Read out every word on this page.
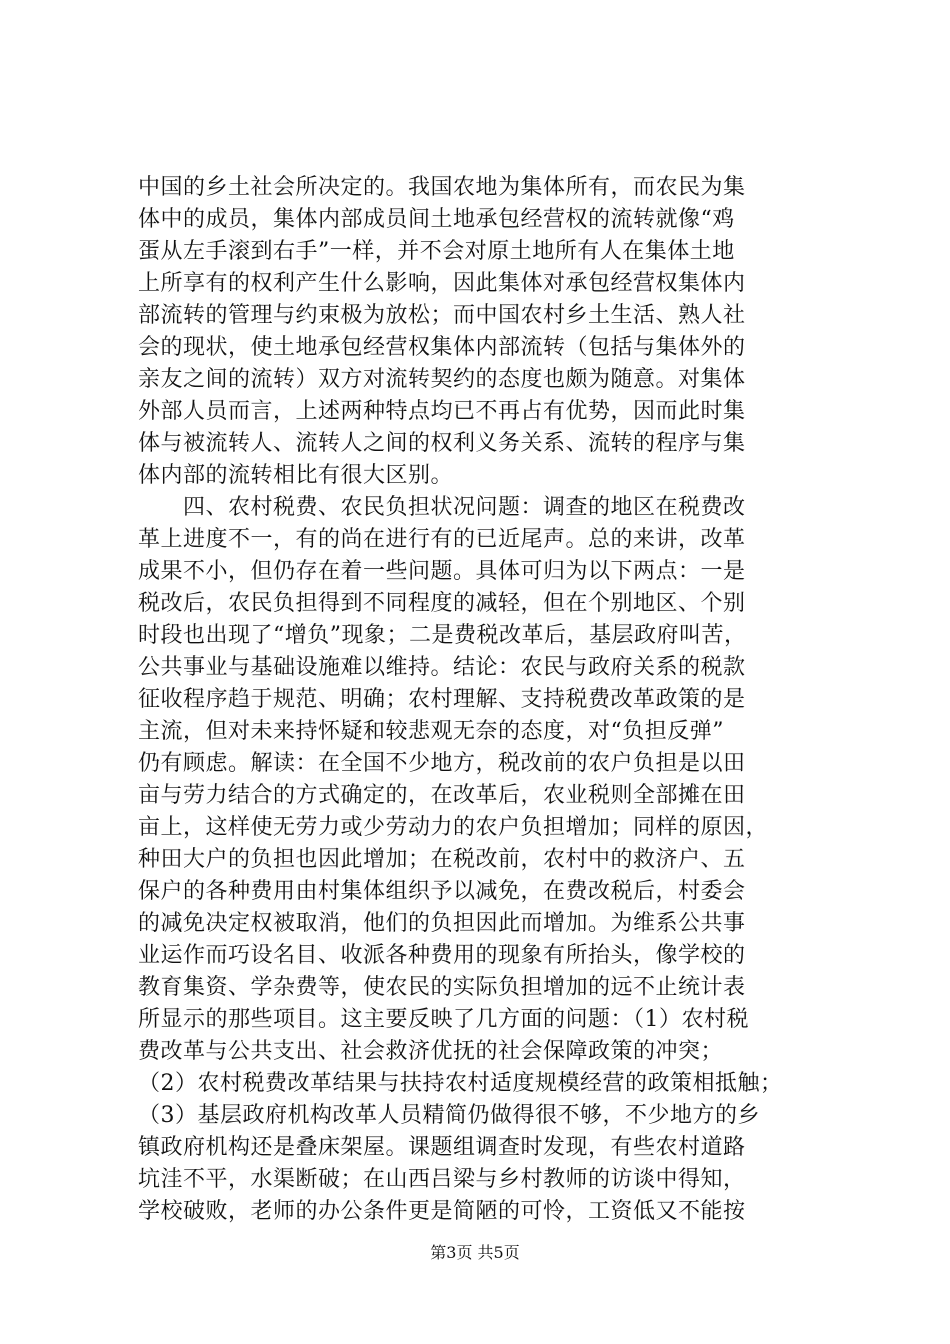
中国的乡土社会所决定的。我国农地为集体所有，而农民为集
体中的成员，集体内部成员间土地承包经营权的流转就像“鸡
蛋从左手滚到右手”一样，并不会对原土地所有人在集体土地
上所享有的权利产生什么影响，因此集体对承包经营权集体内
部流转的管理与约束极为放松；而中国农村乡土生活、熟人社
会的现状，使土地承包经营权集体内部流转（包括与集体外的
亲友之间的流转）双方对流转契约的态度也颇为随意。对集体
外部人员而言，上述两种特点均已不再占有优势，因而此时集
体与被流转人、流转人之间的权利义务关系、流转的程序与集
体内部的流转相比有很大区别。
　　四、农村税费、农民负担状况问题：调查的地区在税费改
革上进度不一，有的尚在进行有的已近尾声。总的来讲，改革
成果不小，但仍存在着一些问题。具体可归为以下两点：一是
税改后，农民负担得到不同程度的减轻，但在个别地区、个别
时段也出现了“增负”现象；二是费税改革后，基层政府叫苦，
公共事业与基础设施难以维持。结论：农民与政府关系的税款
征收程序趋于规范、明确；农村理解、支持税费改革政策的是
主流，但对未来持怀疑和较悲观无奈的态度，对“负担反弹”
仍有顾虑。解读：在全国不少地方，税改前的农户负担是以田
亩与劳力结合的方式确定的，在改革后，农业税则全部摊在田
亩上，这样使无劳力或少劳动力的农户负担增加；同样的原因，
种田大户的负担也因此增加；在税改前，农村中的救济户、五
保户的各种费用由村集体组织予以减免，在费改税后，村委会
的减免决定权被取消，他们的负担因此而增加。为维系公共事
业运作而巧设名目、收派各种费用的现象有所抬头，像学校的
教育集资、学杂费等，使农民的实际负担增加的远不止统计表
所显示的那些项目。这主要反映了几方面的问题：（1）农村税
费改革与公共支出、社会救济优抚的社会保障政策的冲突；
（2）农村税费改革结果与扶持农村适度规模经营的政策相抵触；
（3）基层政府机构改革人员精简仍做得很不够，不少地方的乡
镇政府机构还是叠床架屋。课题组调查时发现，有些农村道路
坑洼不平，水渠断破；在山西吕梁与乡村教师的访谈中得知，
学校破败，老师的办公条件更是简陋的可怜，工资低又不能按
第3页 共5页
